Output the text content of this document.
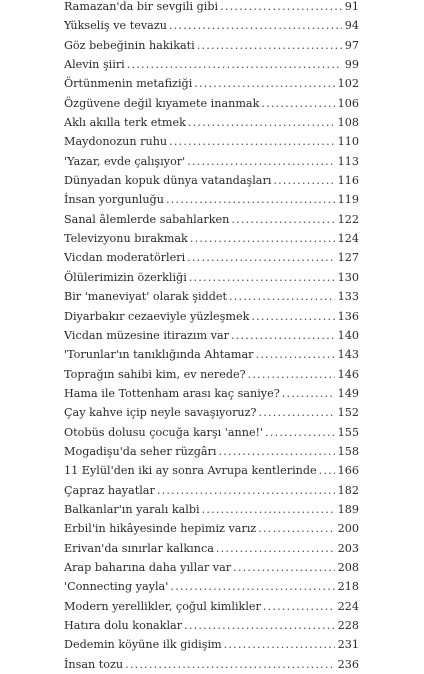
Ramazan'da bir sevgili gibi .....	91
Yükseliş ve tevazu .....	94
Göz bebeğinin hakikati .....	97
Alevin şiiri .....	99
Örtünmenin metafiziği .....	102
Özgüvene değil kıyamete inanmak .....	106
Aklı akılla terk etmek .....	108
Maydonozun ruhu .....	110
'Yazar, evde çalışıyor' .....	113
Dünyadan kopuk dünya vatandaşları .....	116
İnsan yorgunluğu .....	119
Sanal âlemlerde sabahlarken .....	122
Televizyonu bırakmak .....	124
Vicdan moderatörleri .....	127
Ölülerimizin özerkliği .....	130
Bir 'maneviyat' olarak şiddet .....	133
Diyarbakır cezaeviyle yüzleşmek .....	136
Vicdan müzesine itirazım var .....	140
'Torunlar'ın tanıklığında Ahtamar .....	143
Toprağın sahibi kim, ev nerede? .....	146
Hama ile Tottenham arası kaç saniye? .....	149
Çay kahve içip neyle savaşıyoruz? .....	152
Otobüs dolusu çocuğa karşı 'anne!' .....	155
Mogadişu'da seher rüzgârı .....	158
11 Eylül'den iki ay sonra Avrupa kentlerinde ..... 166
Çapraz hayatlar .....	182
Balkanlar'ın yaralı kalbi .....	189
Erbil'in hikâyesinde hepimiz varız .....	200
Erivan'da sınırlar kalkınca .....	203
Arap baharına daha yıllar var .....	208
'Connecting yayla' .....	218
Modern yerellikler, çoğul kimlikler .....	224
Hatıra dolu konaklar .....	228
Dedemin köyüne ilk gidişim .....	231
İnsan tozu .....	236
